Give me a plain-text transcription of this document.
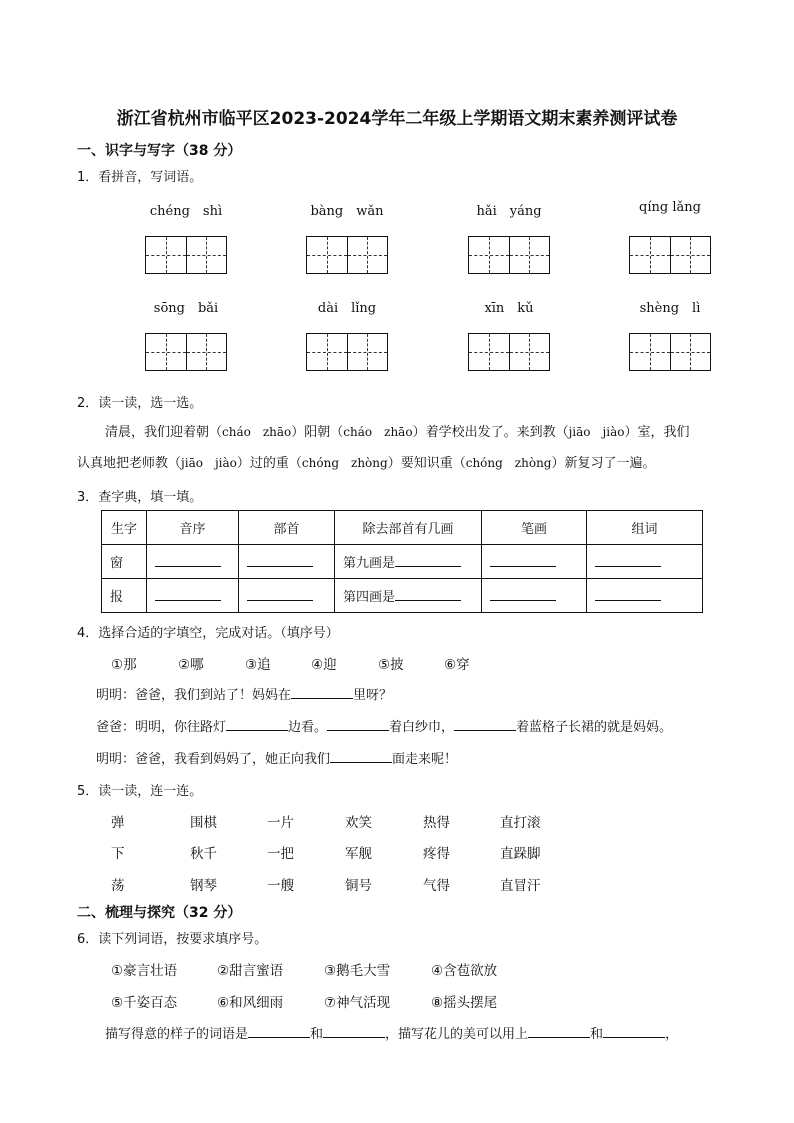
浙江省杭州市临平区2023-2024学年二年级上学期语文期末素养测评试卷
一、识字与写字（38 分）
1．看拼音，写词语。
chéng　shì	bàng　wǎn	hǎi　yáng	qíng lǎng
sōng　bǎi	dài　lǐng	xīn　kǔ	shèng　lì
2．读一读，选一选。
清晨，我们迎着朝（cháo　zhāo）阳朝（cháo　zhāo）着学校出发了。来到教（jiāo　jiào）室，我们
认真地把老师教（jiāo　jiào）过的重（chóng　zhòng）要知识重（chóng　zhòng）新复习了一遍。
3．查字典，填一填。
生字	音序	部首	除去部首有几画	笔画	组词
窗			第九画是		
报			第四画是		
4．选择合适的字填空，完成对话。（填序号）
①那	②哪	③追	④迎	⑤披	⑥穿
明明：爸爸，我们到站了！妈妈在	里呀？
爸爸：明明，你往路灯	边看。	着白纱巾，	着蓝格子长裙的就是妈妈。
明明：爸爸，我看到妈妈了，她正向我们	面走来呢！
5．读一读，连一连。
弹	围棋	一片	欢笑	热得	直打滚
下	秋千	一把	军舰	疼得	直跺脚
荡	钢琴	一艘	铜号	气得	直冒汗
二、梳理与探究（32 分）
6．读下列词语，按要求填序号。
①豪言壮语	②甜言蜜语	③鹅毛大雪	④含苞欲放
⑤千姿百态	⑥和风细雨	⑦神气活现	⑧摇头摆尾
描写得意的样子的词语是	和	，描写花儿的美可以用上	和	，
